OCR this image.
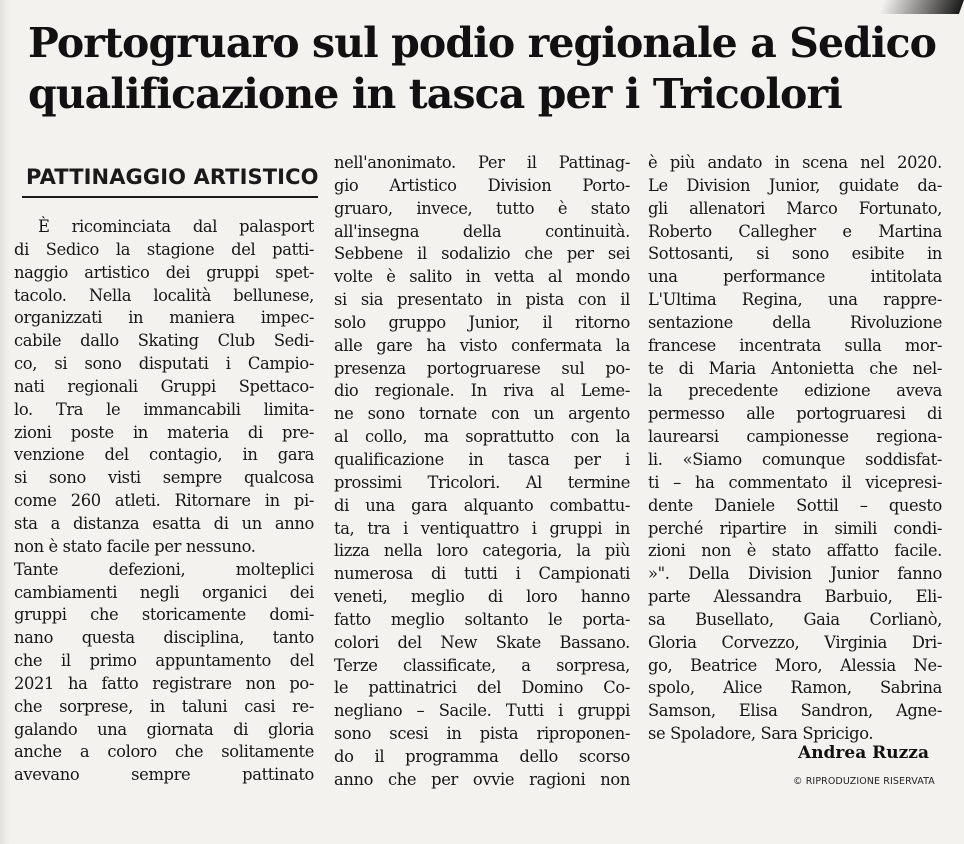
Portogruaro sul podio regionale a Sedico
qualificazione in tasca per i Tricolori
PATTINAGGIO ARTISTICO
È ricominciata dal palasport
di Sedico la stagione del patti-
naggio artistico dei gruppi spet-
tacolo. Nella località bellunese,
organizzati in maniera impec-
cabile dallo Skating Club Sedi-
co, si sono disputati i Campio-
nati regionali Gruppi Spettaco-
lo. Tra le immancabili limita-
zioni poste in materia di pre-
venzione del contagio, in gara
si sono visti sempre qualcosa
come 260 atleti. Ritornare in pi-
sta a distanza esatta di un anno
non è stato facile per nessuno.
Tante defezioni, molteplici
cambiamenti negli organici dei
gruppi che storicamente domi-
nano questa disciplina, tanto
che il primo appuntamento del
2021 ha fatto registrare non po-
che sorprese, in taluni casi re-
galando una giornata di gloria
anche a coloro che solitamente
avevano sempre pattinato
nell'anonimato. Per il Pattinag-
gio Artistico Division Porto-
gruaro, invece, tutto è stato
all'insegna della continuità.
Sebbene il sodalizio che per sei
volte è salito in vetta al mondo
si sia presentato in pista con il
solo gruppo Junior, il ritorno
alle gare ha visto confermata la
presenza portogruarese sul po-
dio regionale. In riva al Leme-
ne sono tornate con un argento
al collo, ma soprattutto con la
qualificazione in tasca per i
prossimi Tricolori. Al termine
di una gara alquanto combattu-
ta, tra i ventiquattro i gruppi in
lizza nella loro categoria, la più
numerosa di tutti i Campionati
veneti, meglio di loro hanno
fatto meglio soltanto le porta-
colori del New Skate Bassano.
Terze classificate, a sorpresa,
le pattinatrici del Domino Co-
negliano – Sacile. Tutti i gruppi
sono scesi in pista riproponen-
do il programma dello scorso
anno che per ovvie ragioni non
è più andato in scena nel 2020.
Le Division Junior, guidate da-
gli allenatori Marco Fortunato,
Roberto Callegher e Martina
Sottosanti, si sono esibite in
una performance intitolata
L'Ultima Regina, una rappre-
sentazione della Rivoluzione
francese incentrata sulla mor-
te di Maria Antonietta che nel-
la precedente edizione aveva
permesso alle portogruaresi di
laurearsi campionesse regiona-
li. «Siamo comunque soddisfat-
ti – ha commentato il vicepresi-
dente Daniele Sottil – questo
perché ripartire in simili condi-
zioni non è stato affatto facile.
»". Della Division Junior fanno
parte Alessandra Barbuio, Eli-
sa Busellato, Gaia Corlianò,
Gloria Corvezzo, Virginia Dri-
go, Beatrice Moro, Alessia Ne-
spolo, Alice Ramon, Sabrina
Samson, Elisa Sandron, Agne-
se Spoladore, Sara Spricigo.
Andrea Ruzza
© RIPRODUZIONE RISERVATA
